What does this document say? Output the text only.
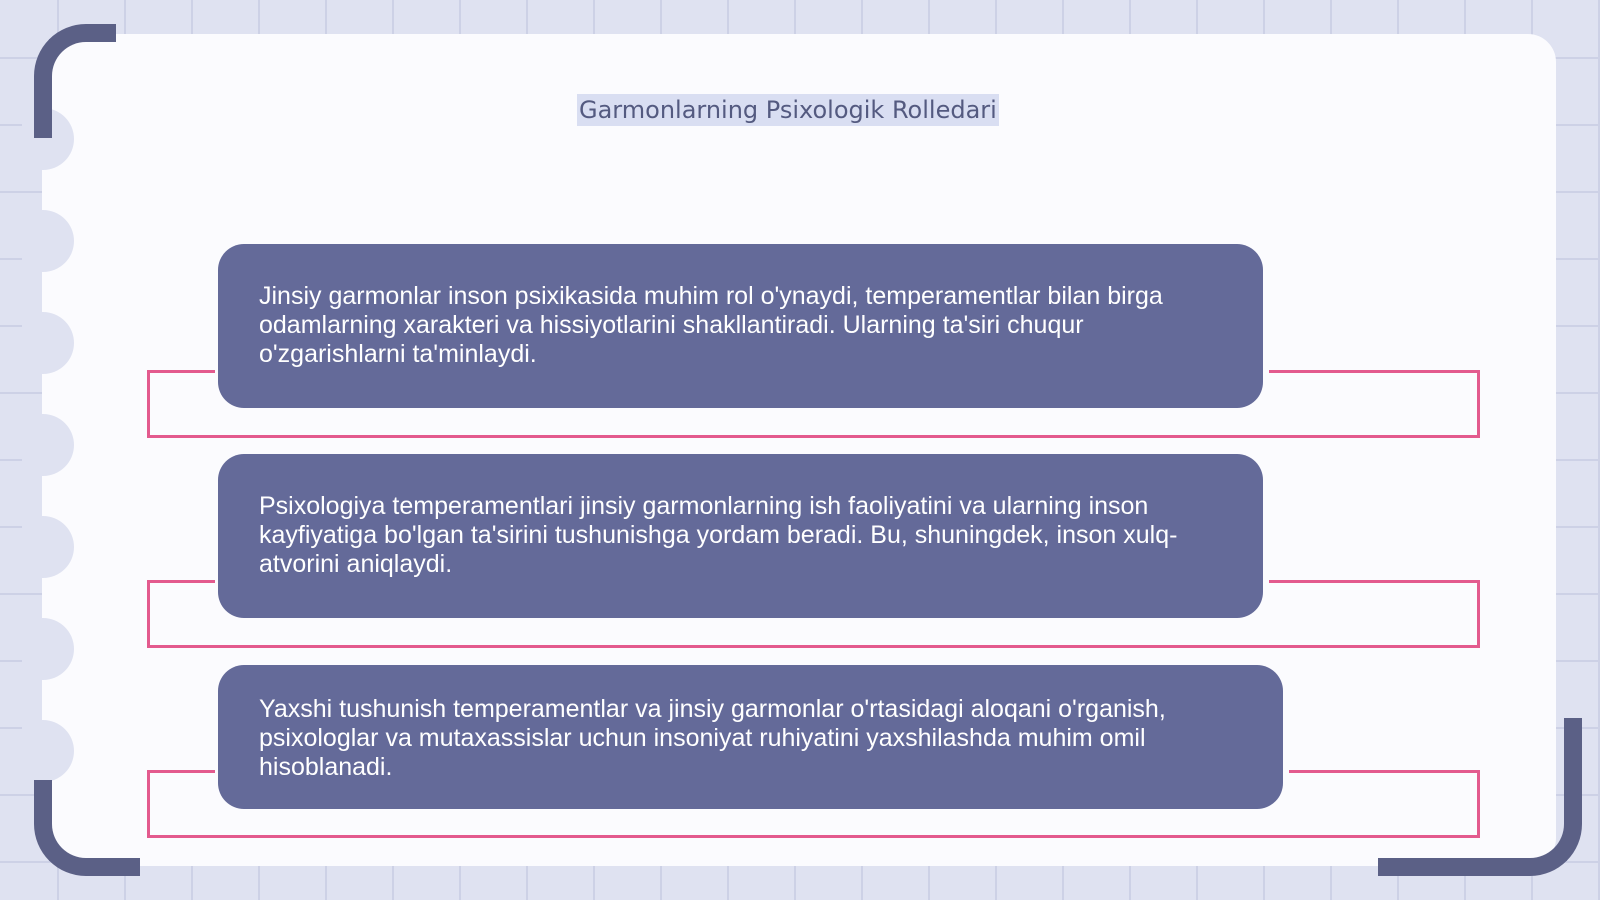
Garmonlarning Psixologik Rolledari
Jinsiy garmonlar inson psixikasida muhim rol o'ynaydi, temperamentlar bilan birga odamlarning xarakteri va hissiyotlarini shakllantiradi. Ularning ta'siri chuqur o'zgarishlarni ta'minlaydi.
Psixologiya temperamentlari jinsiy garmonlarning ish faoliyatini va ularning inson kayfiyatiga bo'lgan ta'sirini tushunishga yordam beradi. Bu, shuningdek, inson xulq-atvorini aniqlaydi.
Yaxshi tushunish temperamentlar va jinsiy garmonlar o'rtasidagi aloqani o'rganish, psixologlar va mutaxassislar uchun insoniyat ruhiyatini yaxshilashda muhim omil hisoblanadi.
